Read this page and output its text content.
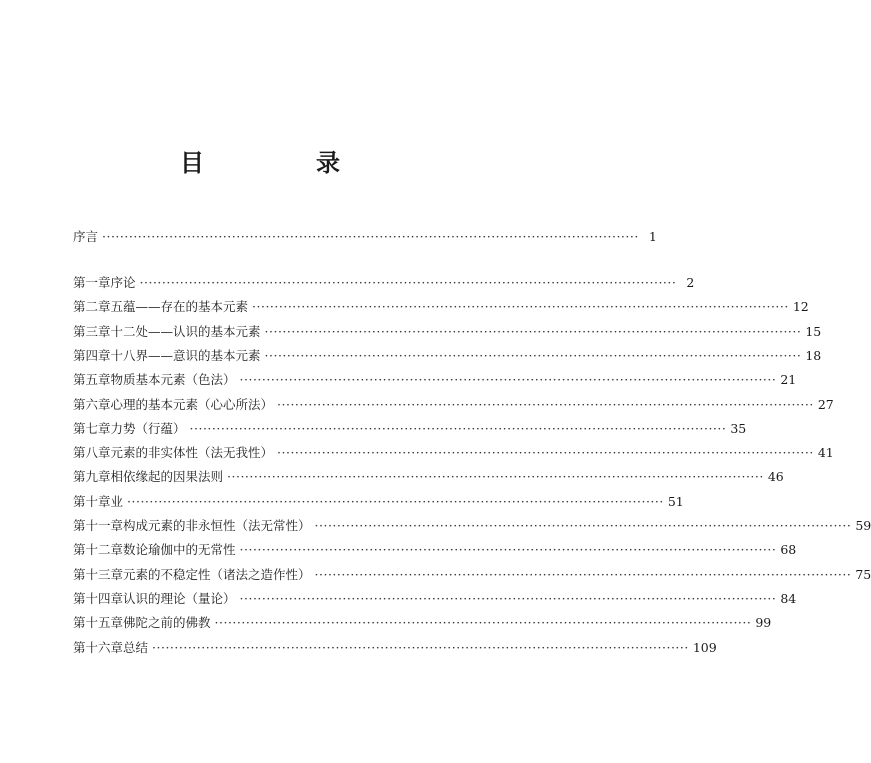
目　录
序言 ························································································································ 1
第一章 序论 ························································································································ 2
第二章 五蕴——存在的基本元素 ························································································································ 12
第三章 十二处——认识的基本元素 ························································································································ 15
第四章 十八界——意识的基本元素 ························································································································ 18
第五章 物质基本元素（色法） ························································································································ 21
第六章 心理的基本元素（心心所法） ························································································································ 27
第七章 力势（行蕴） ························································································································ 35
第八章 元素的非实体性（法无我性） ························································································································ 41
第九章 相依缘起的因果法则 ························································································································ 46
第十章 业 ························································································································ 51
第十一章 构成元素的非永恒性（法无常性） ························································································································ 59
第十二章 数论瑜伽中的无常性 ························································································································ 68
第十三章 元素的不稳定性（诸法之造作性） ························································································································ 75
第十四章 认识的理论（量论） ························································································································ 84
第十五章 佛陀之前的佛教 ························································································································ 99
第十六章 总结 ························································································································ 109
